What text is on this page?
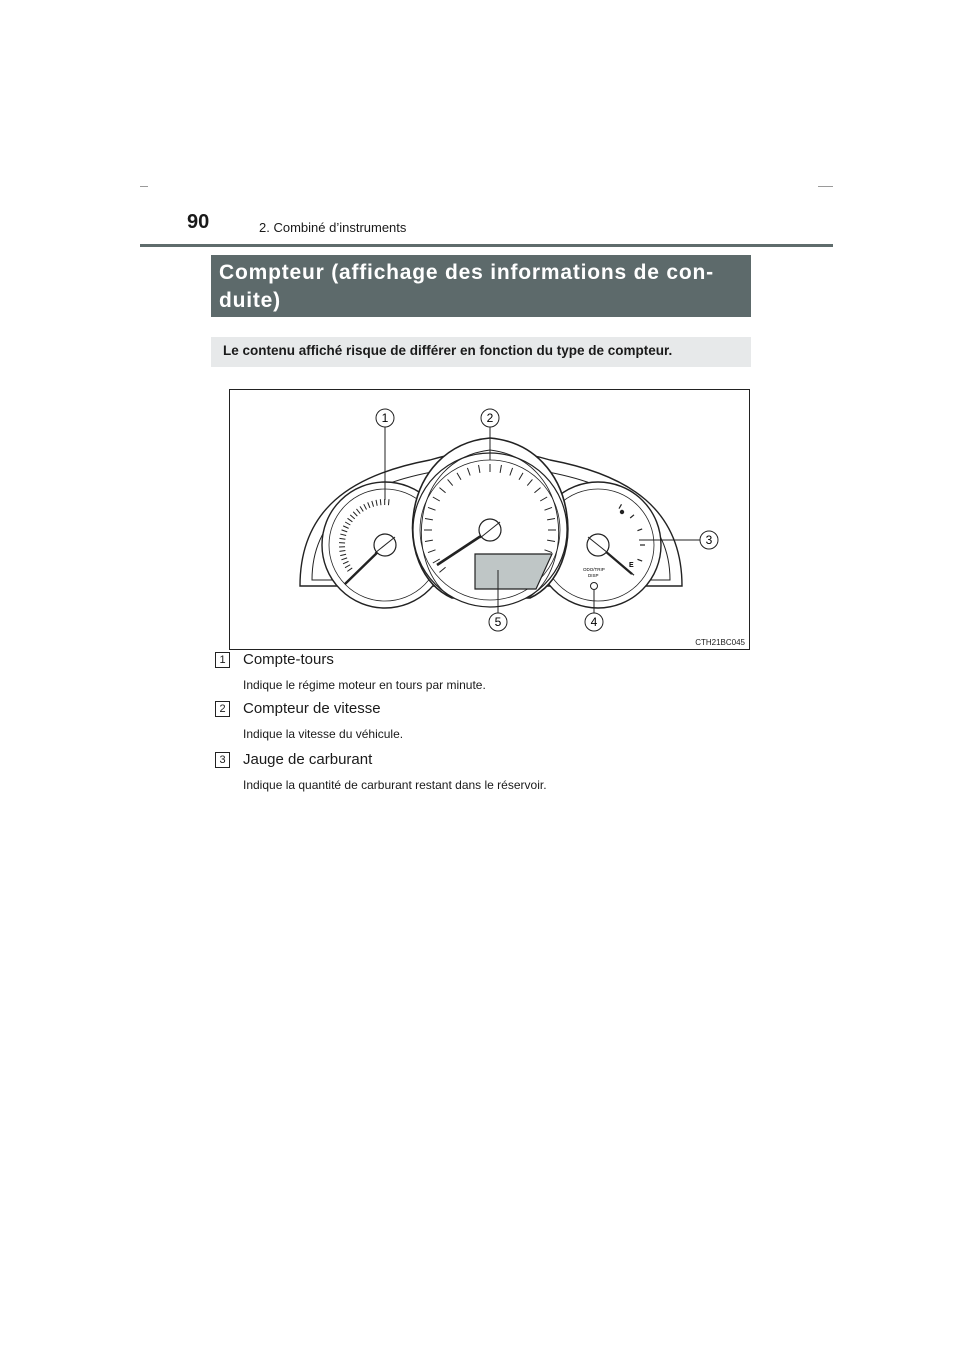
90	2. Combiné d’instruments
Compteur (affichage des informations de con-
duite)
Le contenu affiché risque de différer en fonction du type de compteur.
E
ODO/TRIP
DISP
1	2
3
4
5
CTH21BC045
1 Compte-tours
Indique le régime moteur en tours par minute.
2 Compteur de vitesse
Indique la vitesse du véhicule.
3 Jauge de carburant
Indique la quantité de carburant restant dans le réservoir.
